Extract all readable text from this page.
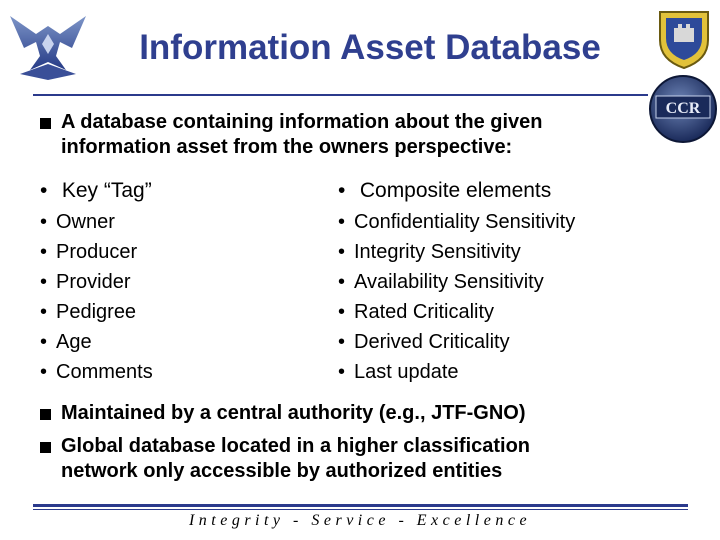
Information Asset Database
CCR
A database containing information about the given
information asset from the owners perspective:
• Key “Tag”
• Owner
• Producer
• Provider
• Pedigree
• Age
• Comments
• Composite elements
• Confidentiality Sensitivity
• Integrity Sensitivity
• Availability Sensitivity
• Rated Criticality
• Derived Criticality
• Last update
Maintained by a central authority (e.g., JTF-GNO)
Global database located in a higher classification
network only accessible by authorized entities
Integrity - Service - Excellence
